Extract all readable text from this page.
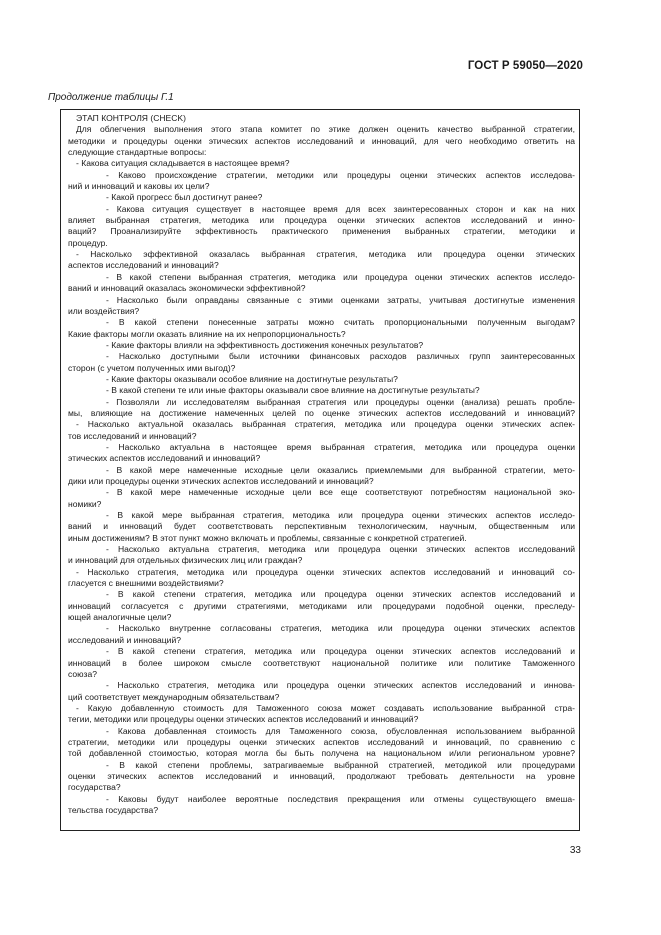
ГОСТ Р 59050—2020
Продолжение таблицы Г.1
ЭТАП КОНТРОЛЯ (CHECK)
Для облегчения выполнения этого этапа комитет по этике должен оценить качество выбранной стратегии,
методики и процедуры оценки этических аспектов исследований и инноваций, для чего необходимо ответить на
следующие стандартные вопросы:
- Какова ситуация складывается в настоящее время?
- Каково происхождение стратегии, методики или процедуры оценки этических аспектов исследова-
ний и инноваций и каковы их цели?
- Какой прогресс был достигнут ранее?
- Какова ситуация существует в настоящее время для всех заинтересованных сторон и как на них
влияет выбранная стратегия, методика или процедура оценки этических аспектов исследований и инно-
ваций? Проанализируйте эффективность практического применения выбранных стратегии, методики и
процедур.
- Насколько эффективной оказалась выбранная стратегия, методика или процедура оценки этических
аспектов исследований и инноваций?
- В какой степени выбранная стратегия, методика или процедура оценки этических аспектов исследо-
ваний и инноваций оказалась экономически эффективной?
- Насколько были оправданы связанные с этими оценками затраты, учитывая достигнутые изменения
или воздействия?
- В какой степени понесенные затраты можно считать пропорциональными полученным выгодам?
Какие факторы могли оказать влияние на их непропорциональность?
- Какие факторы влияли на эффективность достижения конечных результатов?
- Насколько доступными были источники финансовых расходов различных групп заинтересованных
сторон (с учетом полученных ими выгод)?
- Какие факторы оказывали особое влияние на достигнутые результаты?
- В какой степени те или иные факторы оказывали свое влияние на достигнутые результаты?
- Позволяли ли исследователям выбранная стратегия или процедуры оценки (анализа) решать пробле-
мы, влияющие на достижение намеченных целей по оценке этических аспектов исследований и инноваций?
- Насколько актуальной оказалась выбранная стратегия, методика или процедура оценки этических аспек-
тов исследований и инноваций?
- Насколько актуальна в настоящее время выбранная стратегия, методика или процедура оценки
этических аспектов исследований и инноваций?
- В какой мере намеченные исходные цели оказались приемлемыми для выбранной стратегии, мето-
дики или процедуры оценки этических аспектов исследований и инноваций?
- В какой мере намеченные исходные цели все еще соответствуют потребностям национальной эко-
номики?
- В какой мере выбранная стратегия, методика или процедура оценки этических аспектов исследо-
ваний и инноваций будет соответствовать перспективным технологическим, научным, общественным или
иным достижениям? В этот пункт можно включать и проблемы, связанные с конкретной стратегией.
- Насколько актуальна стратегия, методика или процедура оценки этических аспектов исследований
и инноваций для отдельных физических лиц или граждан?
- Насколько стратегия, методика или процедура оценки этических аспектов исследований и инноваций со-
гласуется с внешними воздействиями?
- В какой степени стратегия, методика или процедура оценки этических аспектов исследований и
инноваций согласуется с другими стратегиями, методиками или процедурами подобной оценки, преследу-
ющей аналогичные цели?
- Насколько внутренне согласованы стратегия, методика или процедура оценки этических аспектов
исследований и инноваций?
- В какой степени стратегия, методика или процедура оценки этических аспектов исследований и
инноваций в более широком смысле соответствуют национальной политике или политике Таможенного
союза?
- Насколько стратегия, методика или процедура оценки этических аспектов исследований и иннова-
ций соответствует международным обязательствам?
- Какую добавленную стоимость для Таможенного союза может создавать использование выбранной стра-
тегии, методики или процедуры оценки этических аспектов исследований и инноваций?
- Какова добавленная стоимость для Таможенного союза, обусловленная использованием выбранной
стратегии, методики или процедуры оценки этических аспектов исследований и инноваций, по сравнению с
той добавленной стоимостью, которая могла бы быть получена на национальном и/или региональном уровне?
- В какой степени проблемы, затрагиваемые выбранной стратегией, методикой или процедурами
оценки этических аспектов исследований и инноваций, продолжают требовать деятельности на уровне
государства?
- Каковы будут наиболее вероятные последствия прекращения или отмены существующего вмеша-
тельства государства?
33
